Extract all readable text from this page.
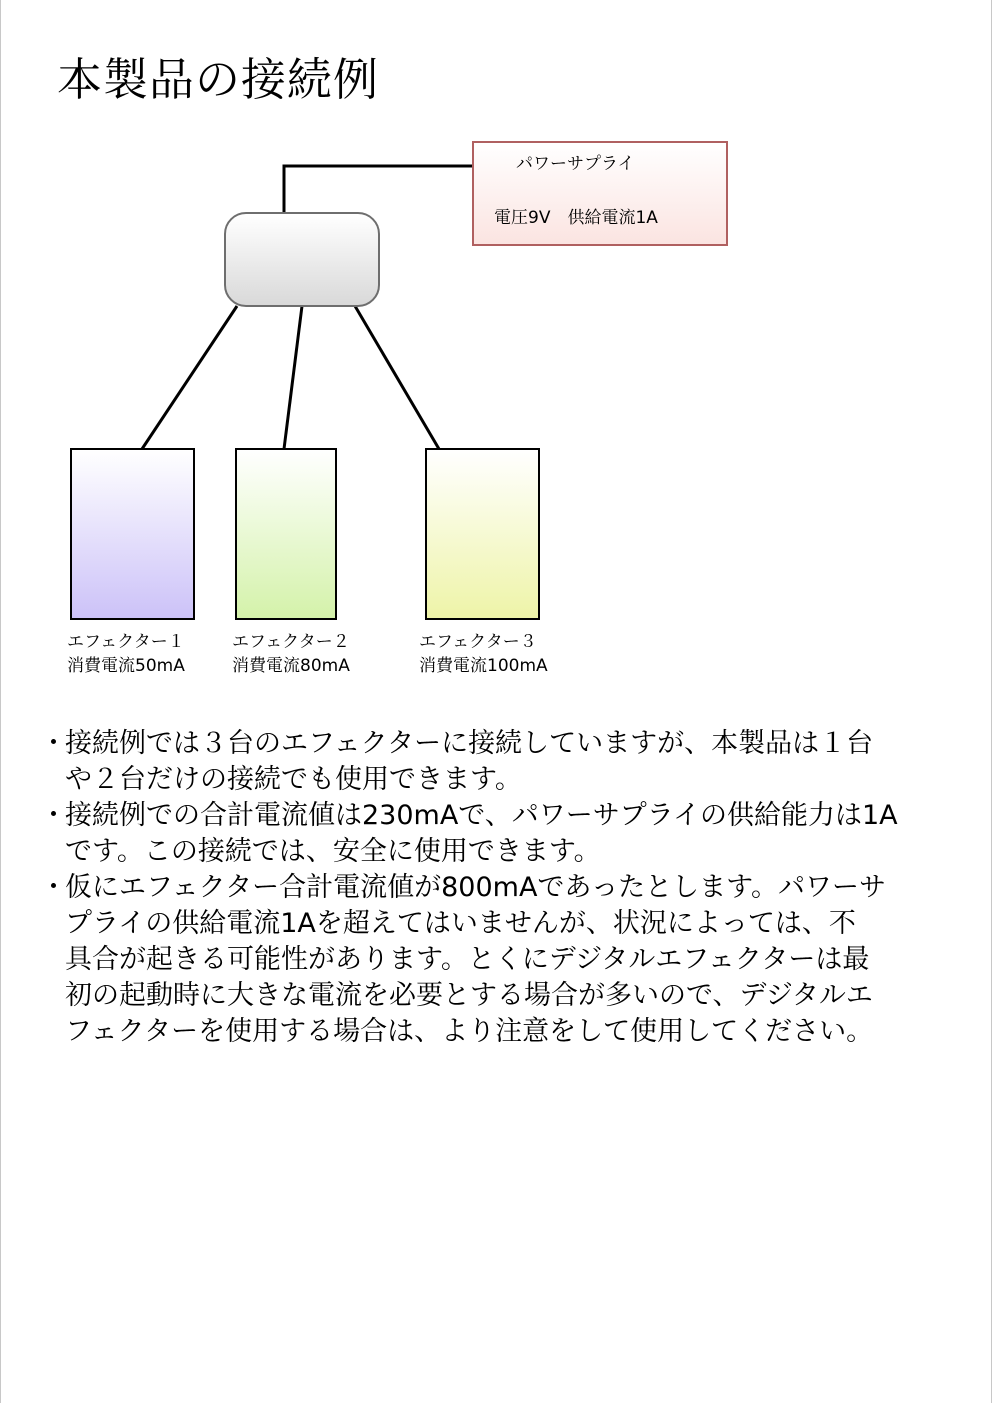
本製品の接続例
パワーサプライ
電圧9V　供給電流1A
エフェクター１
消費電流50mA
エフェクター２
消費電流80mA
エフェクター３
消費電流100mA
・
接続例では３台のエフェクターに接続していますが、本製品は１台
や２台だけの接続でも使用できます。
・
接続例での合計電流値は230mAで、パワーサプライの供給能力は1A
です。この接続では、安全に使用できます。
・
仮にエフェクター合計電流値が800mAであったとします。パワーサ
プライの供給電流1Aを超えてはいませんが、状況によっては、不
具合が起きる可能性があります。とくにデジタルエフェクターは最
初の起動時に大きな電流を必要とする場合が多いので、デジタルエ
フェクターを使用する場合は、より注意をして使用してください。
